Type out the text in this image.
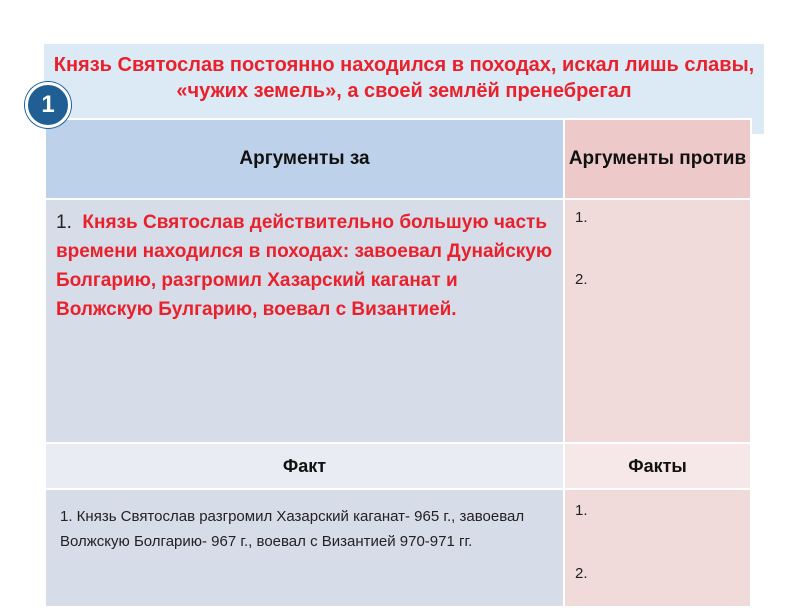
Князь Святослав постоянно находился в походах, искал лишь славы, «чужих земель», а своей землёй пренебрегал

1
Аргументы за	Аргументы против
1. Князь Святослав действительно большую часть времени находился в походах: завоевал Дунайскую Болгарию, разгромил Хазарский каганат и Волжскую Булгарию, воевал с Византией.	1.
2.

Факт	Факты
1. Князь Святослав разгромил Хазарский каганат- 965 г., завоевал Волжскую Болгарию- 967 г., воевал с Византией 970-971 гг.	1.
2.
